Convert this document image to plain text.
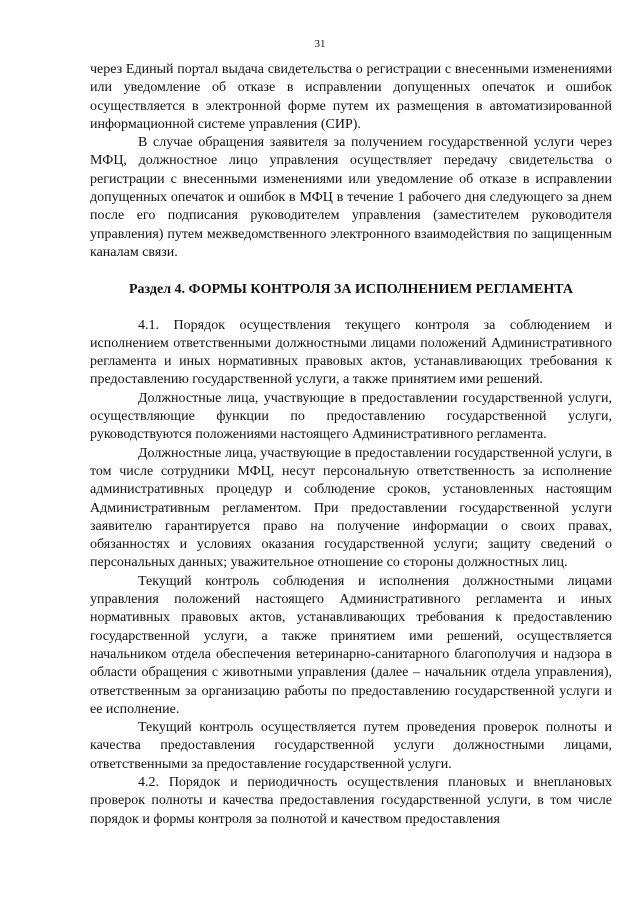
31

через Единый портал выдача свидетельства о регистрации с внесенными изменениями или уведомление об отказе в исправлении допущенных опечаток и ошибок осуществляется в электронной форме путем их размещения в автоматизированной информационной системе управления (СИР).

В случае обращения заявителя за получением государственной услуги через МФЦ, должностное лицо управления осуществляет передачу свидетельства о регистрации с внесенными изменениями или уведомление об отказе в исправлении допущенных опечаток и ошибок в МФЦ в течение 1 рабочего дня следующего за днем после его подписания руководителем управления (заместителем руководителя управления) путем межведомственного электронного взаимодействия по защищенным каналам связи.

Раздел 4. ФОРМЫ КОНТРОЛЯ ЗА ИСПОЛНЕНИЕМ РЕГЛАМЕНТА

4.1. Порядок осуществления текущего контроля за соблюдением и исполнением ответственными должностными лицами положений Административного регламента и иных нормативных правовых актов, устанавливающих требования к предоставлению государственной услуги, а также принятием ими решений.

Должностные лица, участвующие в предоставлении государственной услуги, осуществляющие функции по предоставлению государственной услуги, руководствуются положениями настоящего Административного регламента.

Должностные лица, участвующие в предоставлении государственной услуги, в том числе сотрудники МФЦ, несут персональную ответственность за исполнение административных процедур и соблюдение сроков, установленных настоящим Административным регламентом. При предоставлении государственной услуги заявителю гарантируется право на получение информации о своих правах, обязанностях и условиях оказания государственной услуги; защиту сведений о персональных данных; уважительное отношение со стороны должностных лиц.

Текущий контроль соблюдения и исполнения должностными лицами управления положений настоящего Административного регламента и иных нормативных правовых актов, устанавливающих требования к предоставлению государственной услуги, а также принятием ими решений, осуществляется начальником отдела обеспечения ветеринарно-санитарного благополучия и надзора в области обращения с животными управления (далее – начальник отдела управления), ответственным за организацию работы по предоставлению государственной услуги и ее исполнение.

Текущий контроль осуществляется путем проведения проверок полноты и качества предоставления государственной услуги должностными лицами, ответственными за предоставление государственной услуги.

4.2. Порядок и периодичность осуществления плановых и внеплановых проверок полноты и качества предоставления государственной услуги, в том числе порядок и формы контроля за полнотой и качеством предоставления
